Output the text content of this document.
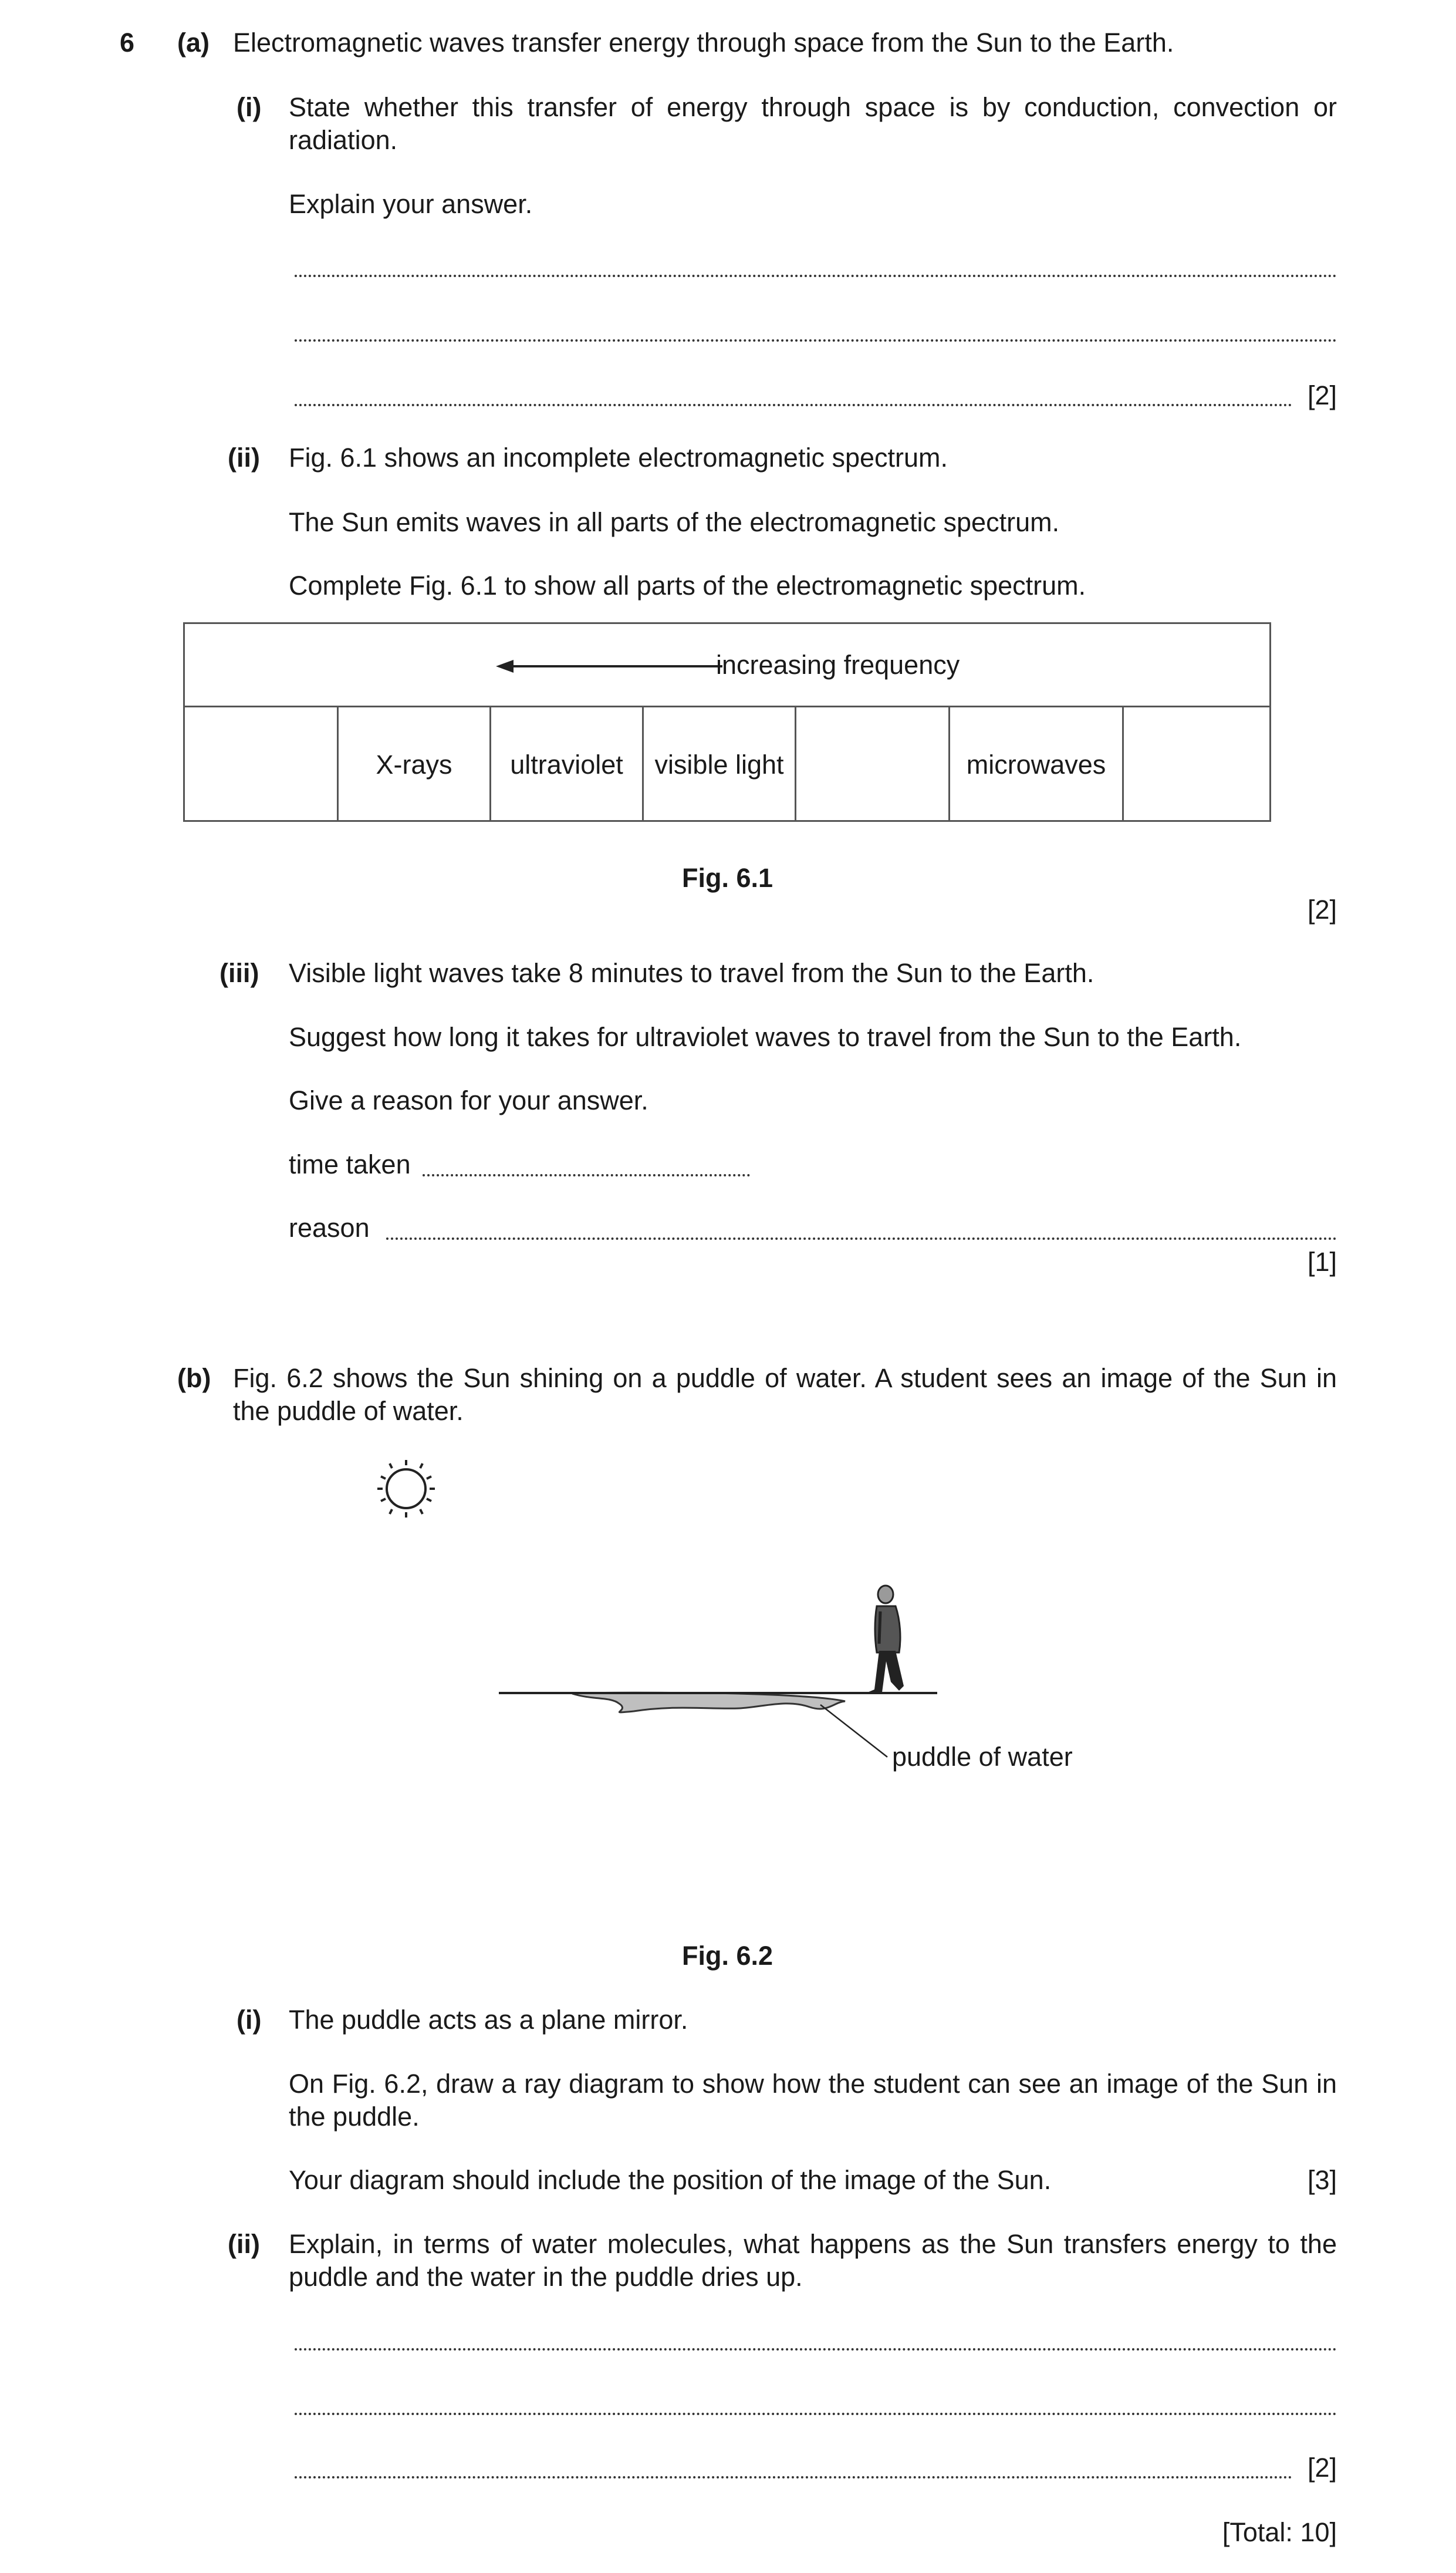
6 (a) Electromagnetic waves transfer energy through space from the Sun to the Earth.
(i) State whether this transfer of energy through space is by conduction, convection or radiation.
Explain your answer.
[2]
(ii) Fig. 6.1 shows an incomplete electromagnetic spectrum.
The Sun emits waves in all parts of the electromagnetic spectrum.
Complete Fig. 6.1 to show all parts of the electromagnetic spectrum.
increasing frequency
X-rays ultraviolet visible light	microwaves
Fig. 6.1
[2]
(iii) Visible light waves take 8 minutes to travel from the Sun to the Earth.
Suggest how long it takes for ultraviolet waves to travel from the Sun to the Earth.
Give a reason for your answer.
time taken
reason
[1]
(b) Fig. 6.2 shows the Sun shining on a puddle of water. A student sees an image of the Sun in the puddle of water.
puddle of water
Fig. 6.2
(i) The puddle acts as a plane mirror.
On Fig. 6.2, draw a ray diagram to show how the student can see an image of the Sun in the puddle.
Your diagram should include the position of the image of the Sun.	[3]
(ii) Explain, in terms of water molecules, what happens as the Sun transfers energy to the puddle and the water in the puddle dries up.
[2]
[Total: 10]
